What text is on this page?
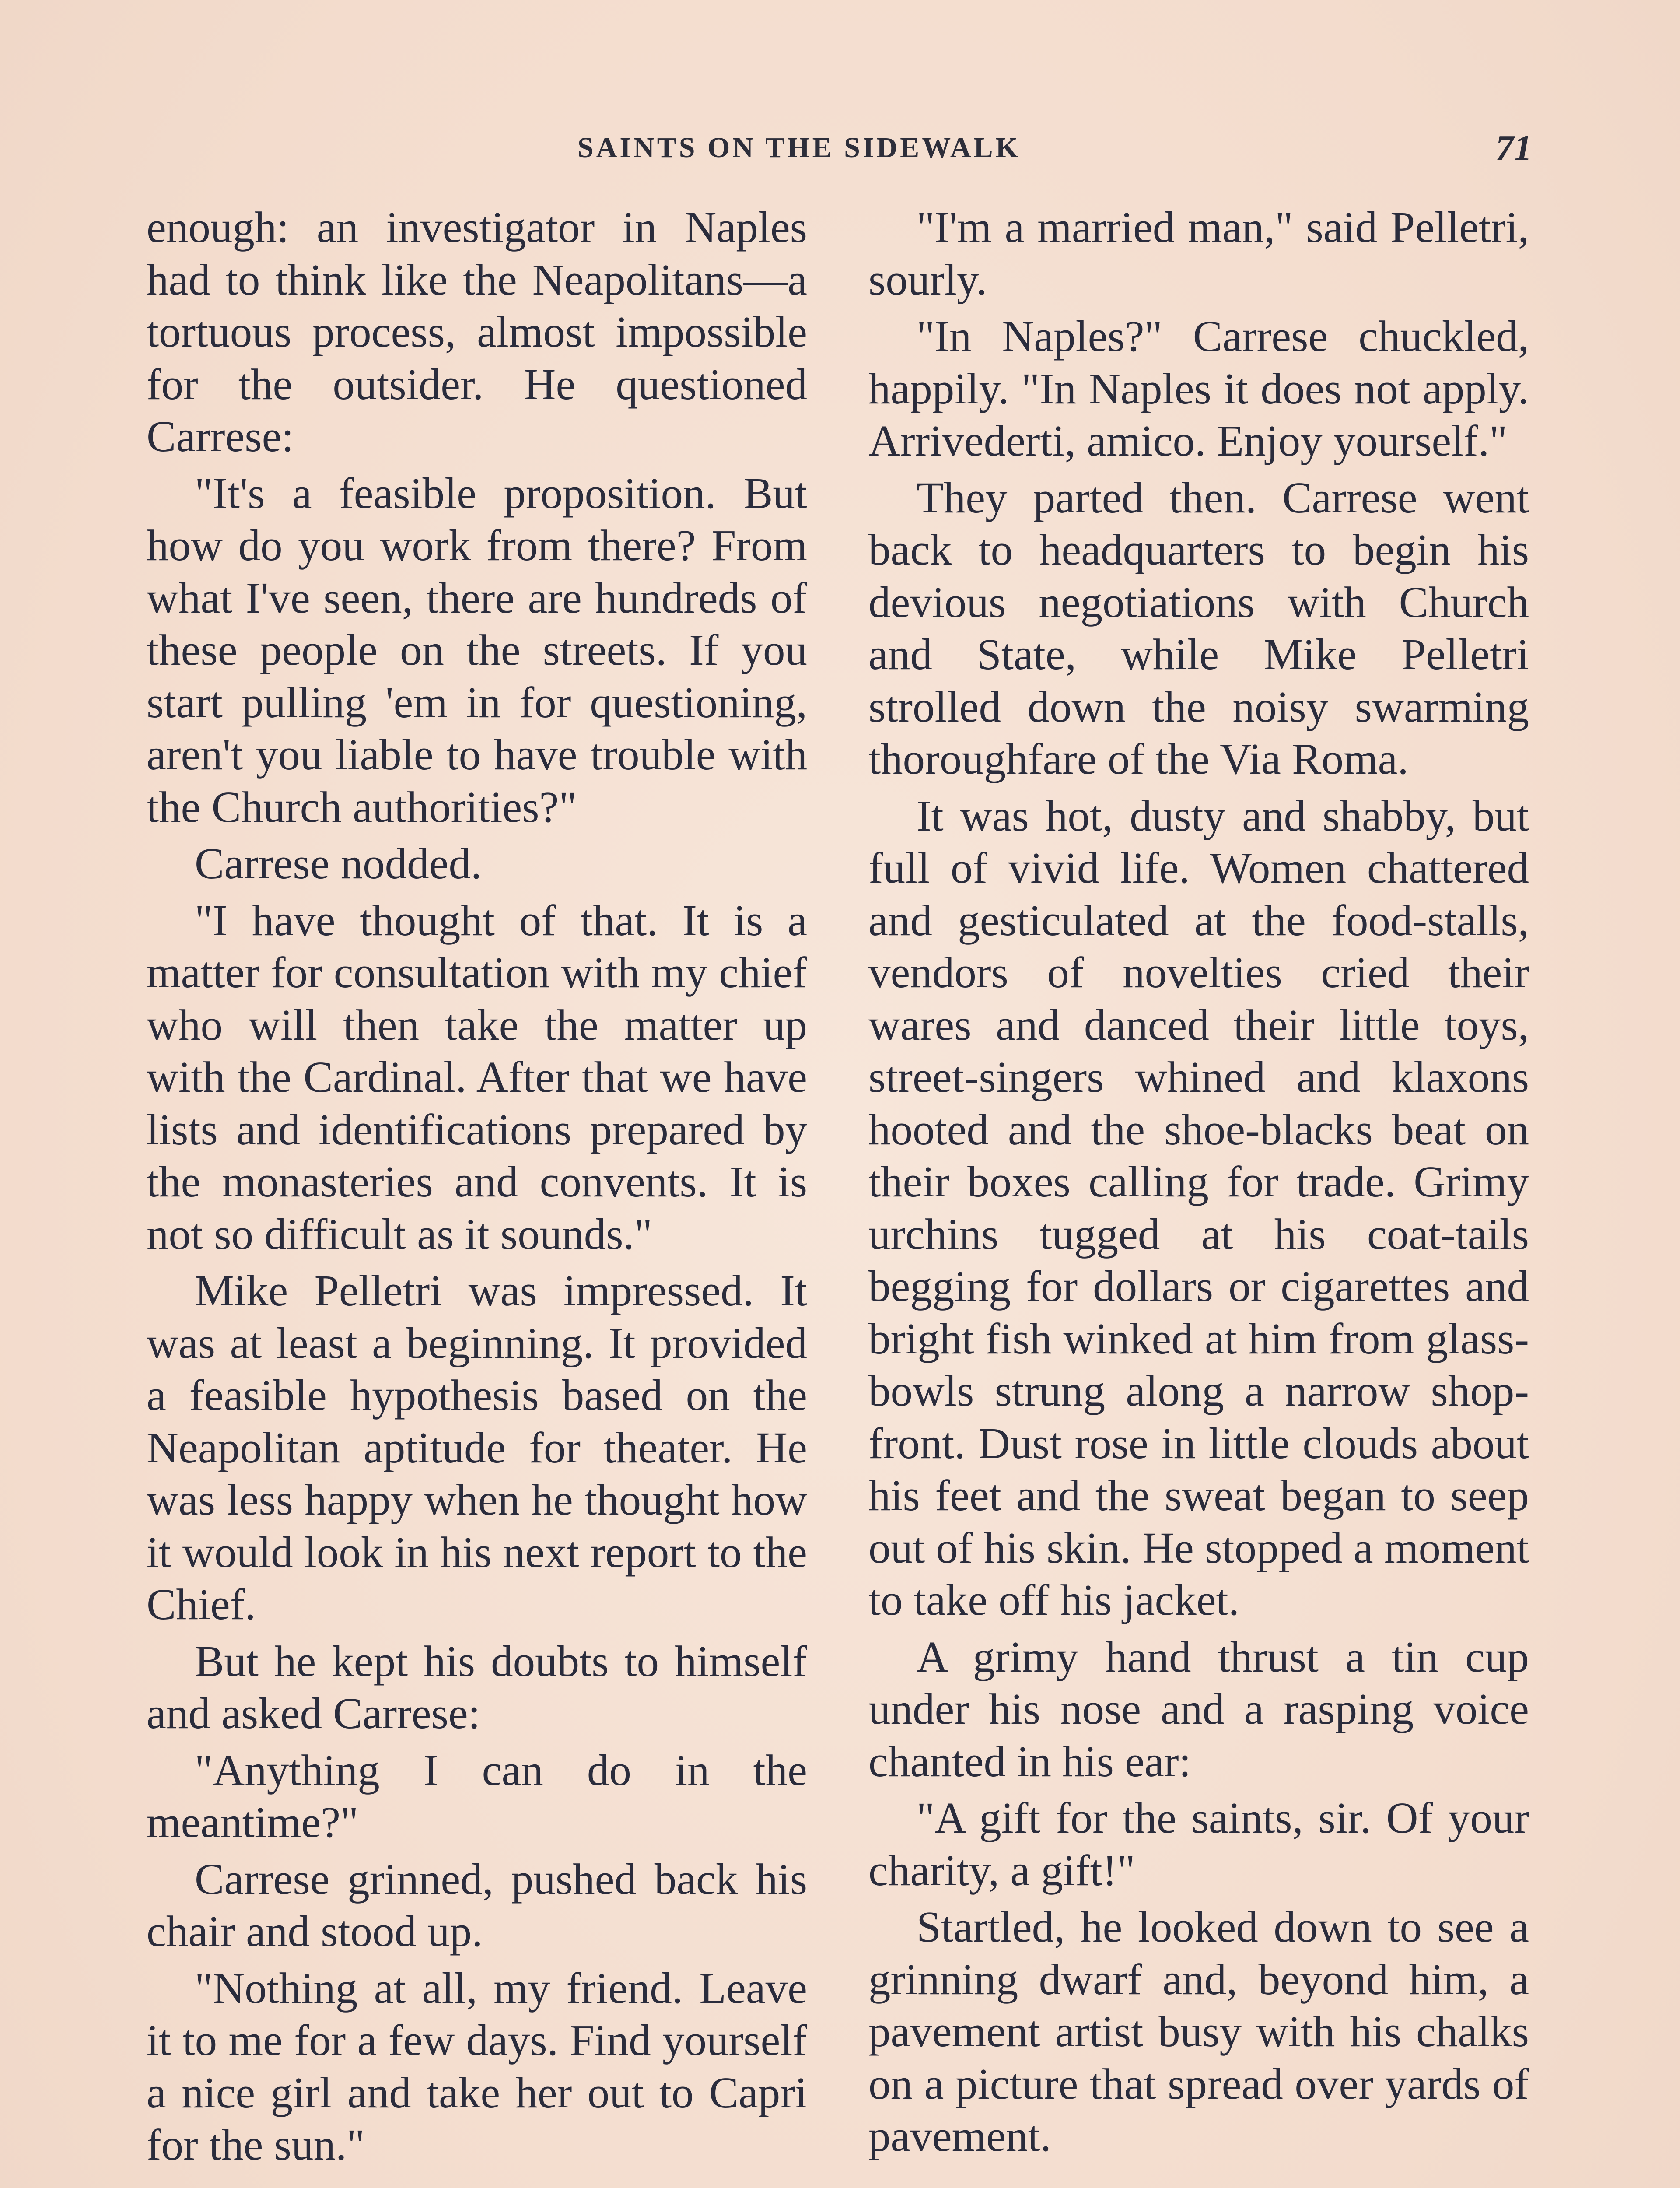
SAINTS ON THE SIDEWALK	71

enough: an investigator in Naples had to think like the Neapolitans—a tortuous process, almost impossible for the outsider. He questioned Carrese:

"It's a feasible proposition. But how do you work from there? From what I've seen, there are hundreds of these people on the streets. If you start pulling 'em in for questioning, aren't you liable to have trouble with the Church authorities?"

Carrese nodded.

"I have thought of that. It is a matter for consultation with my chief who will then take the matter up with the Cardinal. After that we have lists and identifications prepared by the monasteries and convents. It is not so difficult as it sounds."

Mike Pelletri was impressed. It was at least a beginning. It provided a feasible hypothesis based on the Neapolitan aptitude for theater. He was less happy when he thought how it would look in his next report to the Chief.

But he kept his doubts to himself and asked Carrese:

"Anything I can do in the meantime?"

Carrese grinned, pushed back his chair and stood up.

"Nothing at all, my friend. Leave it to me for a few days. Find yourself a nice girl and take her out to Capri for the sun."

"I'm a married man," said Pelletri, sourly.

"In Naples?" Carrese chuckled, happily. "In Naples it does not apply. Arrivederti, amico. Enjoy yourself."

They parted then. Carrese went back to headquarters to begin his devious negotiations with Church and State, while Mike Pelletri strolled down the noisy swarming thoroughfare of the Via Roma.

It was hot, dusty and shabby, but full of vivid life. Women chattered and gesticulated at the food-stalls, vendors of novelties cried their wares and danced their little toys, street-singers whined and klaxons hooted and the shoe-blacks beat on their boxes calling for trade. Grimy urchins tugged at his coat-tails begging for dollars or cigarettes and bright fish winked at him from glass-bowls strung along a narrow shop-front. Dust rose in little clouds about his feet and the sweat began to seep out of his skin. He stopped a moment to take off his jacket.

A grimy hand thrust a tin cup under his nose and a rasping voice chanted in his ear:

"A gift for the saints, sir. Of your charity, a gift!"

Startled, he looked down to see a grinning dwarf and, beyond him, a pavement artist busy with his chalks on a picture that spread over yards of pavement.
